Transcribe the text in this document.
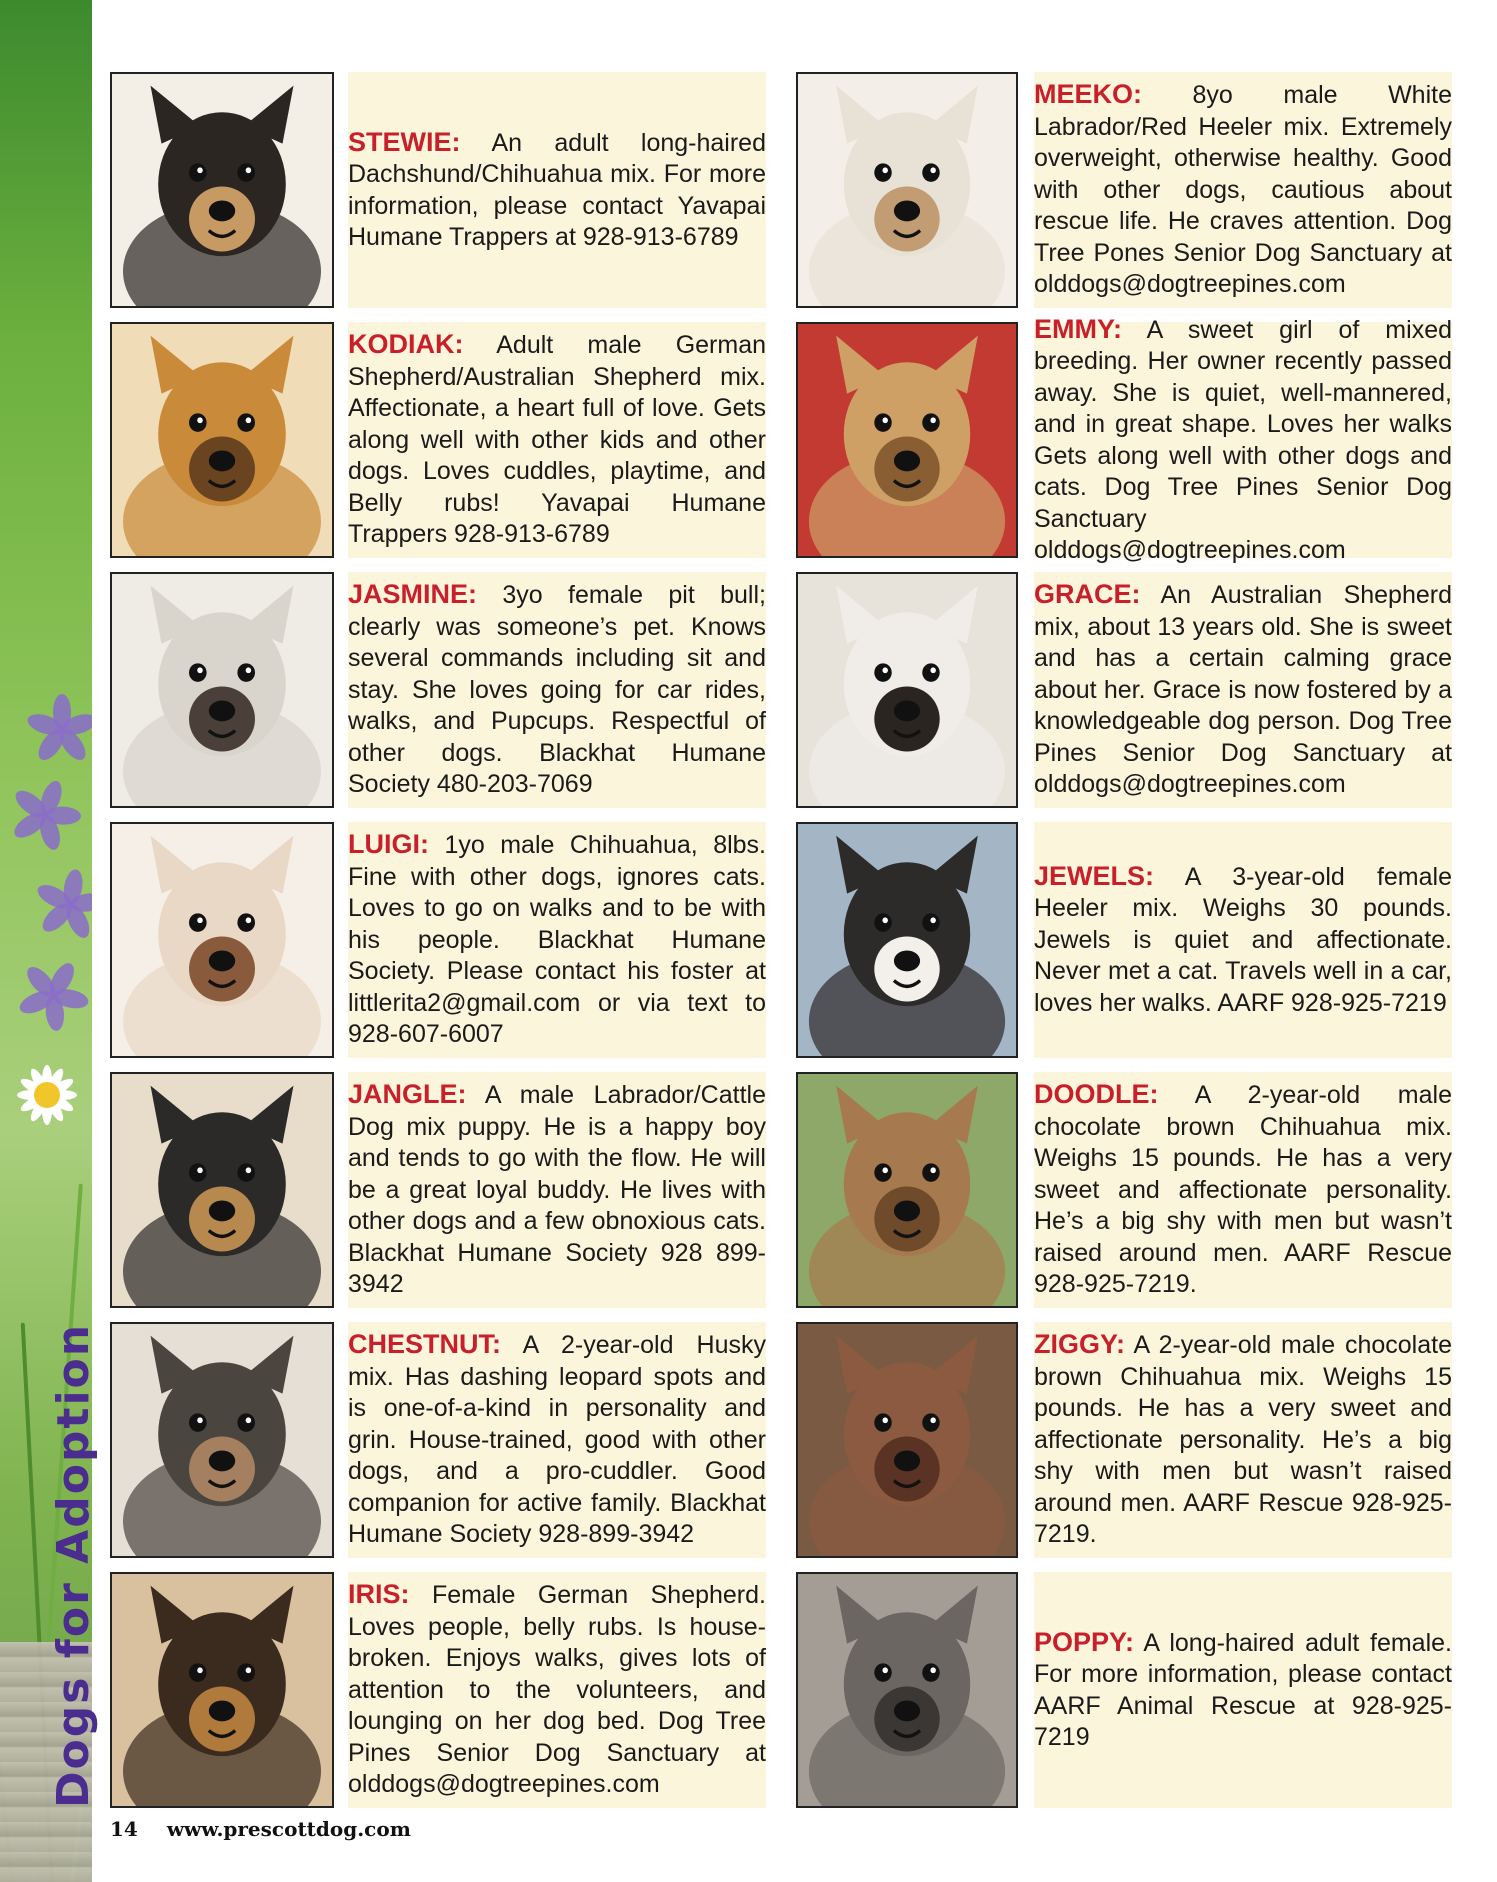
Dogs for Adoption

STEWIE: An adult long-haired Dachshund/Chihuahua mix. For more information, please contact Yavapai Humane Trappers at 928-913-6789

KODIAK: Adult male German Shepherd/Australian Shepherd mix. Affectionate, a heart full of love. Gets along well with other kids and other dogs. Loves cuddles, playtime, and Belly rubs! Yavapai Humane Trappers 928-913-6789

JASMINE: 3yo female pit bull; clearly was someone’s pet. Knows several commands including sit and stay. She loves going for car rides, walks, and Pupcups. Respectful of other dogs. Blackhat Humane Society 480-203-7069

LUIGI: 1yo male Chihuahua, 8lbs. Fine with other dogs, ignores cats. Loves to go on walks and to be with his people. Blackhat Humane Society. Please contact his foster at littlerita2@gmail.com or via text to 928-607-6007

JANGLE: A male Labrador/Cattle Dog mix puppy. He is a happy boy and tends to go with the flow. He will be a great loyal buddy. He lives with other dogs and a few obnoxious cats. Blackhat Humane Society 928 899-3942

CHESTNUT: A 2-year-old Husky mix. Has dashing leopard spots and is one-of-a-kind in personality and grin. House-trained, good with other dogs, and a pro-cuddler. Good companion for active family. Blackhat Humane Society 928-899-3942

IRIS: Female German Shepherd. Loves people, belly rubs. Is house-broken. Enjoys walks, gives lots of attention to the volunteers, and lounging on her dog bed. Dog Tree Pines Senior Dog Sanctuary at olddogs@dogtreepines.com

MEEKO: 8yo male White Labrador/Red Heeler mix. Extremely overweight, otherwise healthy. Good with other dogs, cautious about rescue life. He craves attention. Dog Tree Pones Senior Dog Sanctuary at olddogs@dogtreepines.com

EMMY: A sweet girl of mixed breeding. Her owner recently passed away. She is quiet, well-mannered, and in great shape. Loves her walks Gets along well with other dogs and cats. Dog Tree Pines Senior Dog Sanctuary olddogs@dogtreepines.com

GRACE: An Australian Shepherd mix, about 13 years old. She is sweet and has a certain calming grace about her. Grace is now fostered by a knowledgeable dog person. Dog Tree Pines Senior Dog Sanctuary at olddogs@dogtreepines.com

JEWELS: A 3-year-old female Heeler mix. Weighs 30 pounds. Jewels is quiet and affectionate. Never met a cat. Travels well in a car, loves her walks. AARF 928-925-7219

DOODLE: A 2-year-old male chocolate brown Chihuahua mix. Weighs 15 pounds. He has a very sweet and affectionate personality. He’s a big shy with men but wasn’t raised around men. AARF Rescue 928-925-7219.

ZIGGY: A 2-year-old male chocolate brown Chihuahua mix. Weighs 15 pounds. He has a very sweet and affectionate personality. He’s a big shy with men but wasn’t raised around men. AARF Rescue 928-925-7219.

POPPY: A long-haired adult female. For more information, please contact AARF Animal Rescue at 928-925-7219

14 www.prescottdog.com
